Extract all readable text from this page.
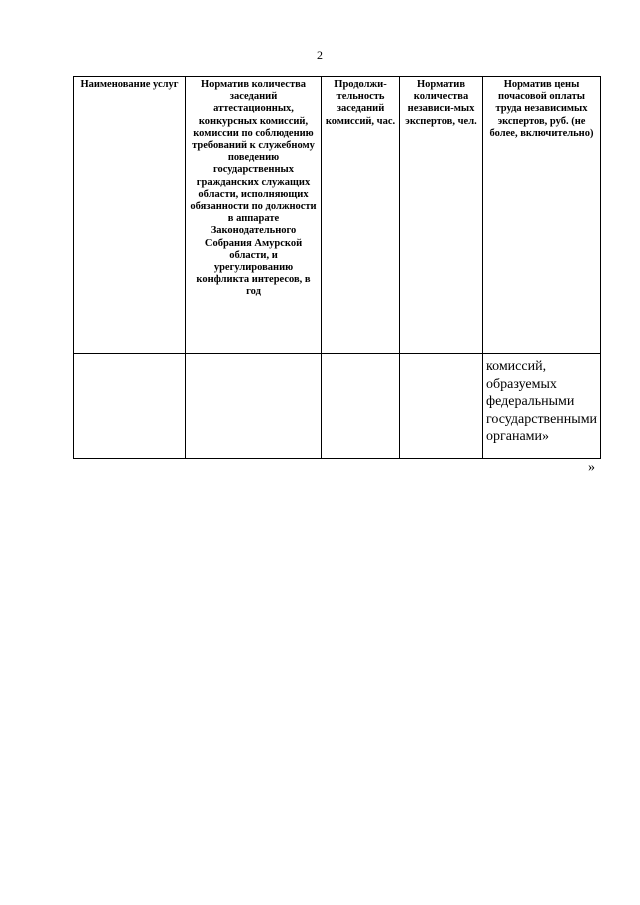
2
Наименование услуг	Норматив количества заседаний аттестационных, конкурсных комиссий, комиссии по соблюдению требований к служебному поведению государственных гражданских служащих области, исполняющих обязанности по должности в аппарате Законодательного Собрания Амурской области, и урегулированию конфликта интересов, в год	Продолжи-тельность заседаний комиссий, час.	Норматив количества независи-мых экспертов, чел.	Норматив цены почасовой оплаты труда независимых экспертов, руб. (не более, включительно)
				комиссий, образуемых федеральными государственными органами»
»
